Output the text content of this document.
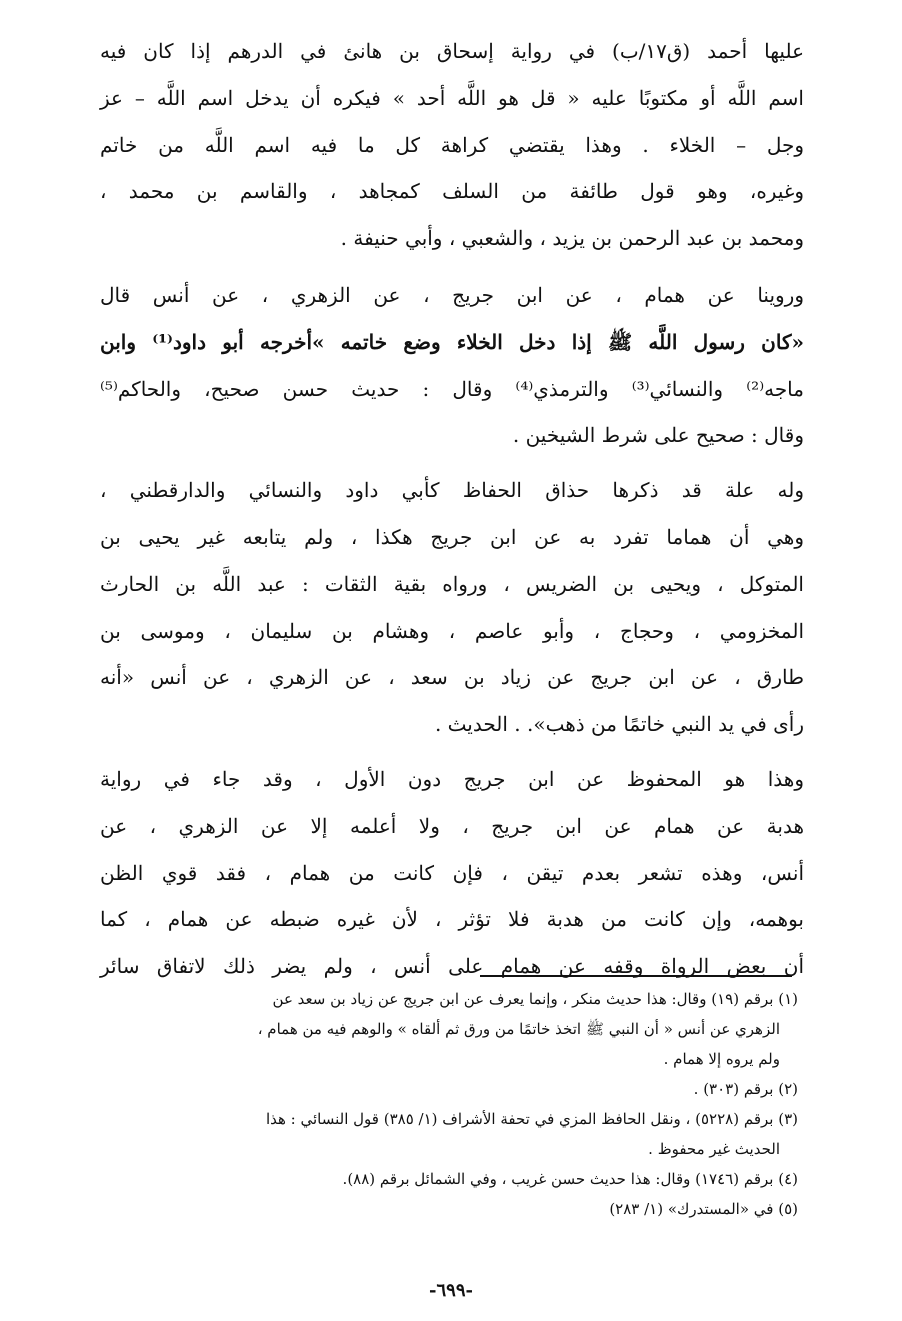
عليها أحمد (ق١٧/ب) في رواية إسحاق بن هانئ في الدرهم إذا كان فيه
اسم اللَّه أو مكتوبًا عليه « قل هو اللَّه أحد » فيكره أن يدخل اسم اللَّه – عز
وجل – الخلاء . وهذا يقتضي كراهة كل ما فيه اسم اللَّه من خاتم
وغيره، وهو قول طائفة من السلف كمجاهد ، والقاسم بن محمد ،
ومحمد بن عبد الرحمن بن يزيد ، والشعبي ، وأبي حنيفة .

وروينا عن همام ، عن ابن جريج ، عن الزهري ، عن أنس قال
«كان رسول اللَّه ﷺ إذا دخل الخلاء وضع خاتمه »أخرجه أبو داود⁽¹⁾ وابن
ماجه⁽²⁾ والنسائي⁽³⁾ والترمذي⁽⁴⁾ وقال : حديث حسن صحيح، والحاكم⁽⁵⁾
وقال : صحيح على شرط الشيخين .

وله علة قد ذكرها حذاق الحفاظ كأبي داود والنسائي والدارقطني ،
وهي أن هماما تفرد به عن ابن جريج هكذا ، ولم يتابعه غير يحيى بن
المتوكل ، ويحيى بن الضريس ، ورواه بقية الثقات : عبد اللَّه بن الحارث
المخزومي ، وحجاج ، وأبو عاصم ، وهشام بن سليمان ، وموسى بن
طارق ، عن ابن جريج عن زياد بن سعد ، عن الزهري ، عن أنس «أنه
رأى في يد النبي خاتمًا من ذهب». . الحديث .

وهذا هو المحفوظ عن ابن جريج دون الأول ، وقد جاء في رواية
هدبة عن همام عن ابن جريج ، ولا أعلمه إلا عن الزهري ، عن
أنس، وهذه تشعر بعدم تيقن ، فإن كانت من همام ، فقد قوي الظن
بوهمه، وإن كانت من هدبة فلا تؤثر ، لأن غيره ضبطه عن همام ، كما
أن بعض الرواة وقفه عن همام على أنس ، ولم يضر ذلك لاتفاق سائر

(١) برقم (١٩) وقال: هذا حديث منكر ، وإنما يعرف عن ابن جريج عن زياد بن سعد عن
الزهري عن أنس « أن النبي ﷺ اتخذ خاتمًا من ورق ثم ألقاه » والوهم فيه من همام ،
ولم يروه إلا همام .
(٢) برقم (٣٠٣) .
(٣) برقم (٥٢٢٨) ، ونقل الحافظ المزي في تحفة الأشراف (١/ ٣٨٥) قول النسائي : هذا
الحديث غير محفوظ .
(٤) برقم (١٧٤٦) وقال: هذا حديث حسن غريب ، وفي الشمائل برقم (٨٨).
(٥) في «المستدرك» (١/ ٢٨٣)
-٦٩٩-
